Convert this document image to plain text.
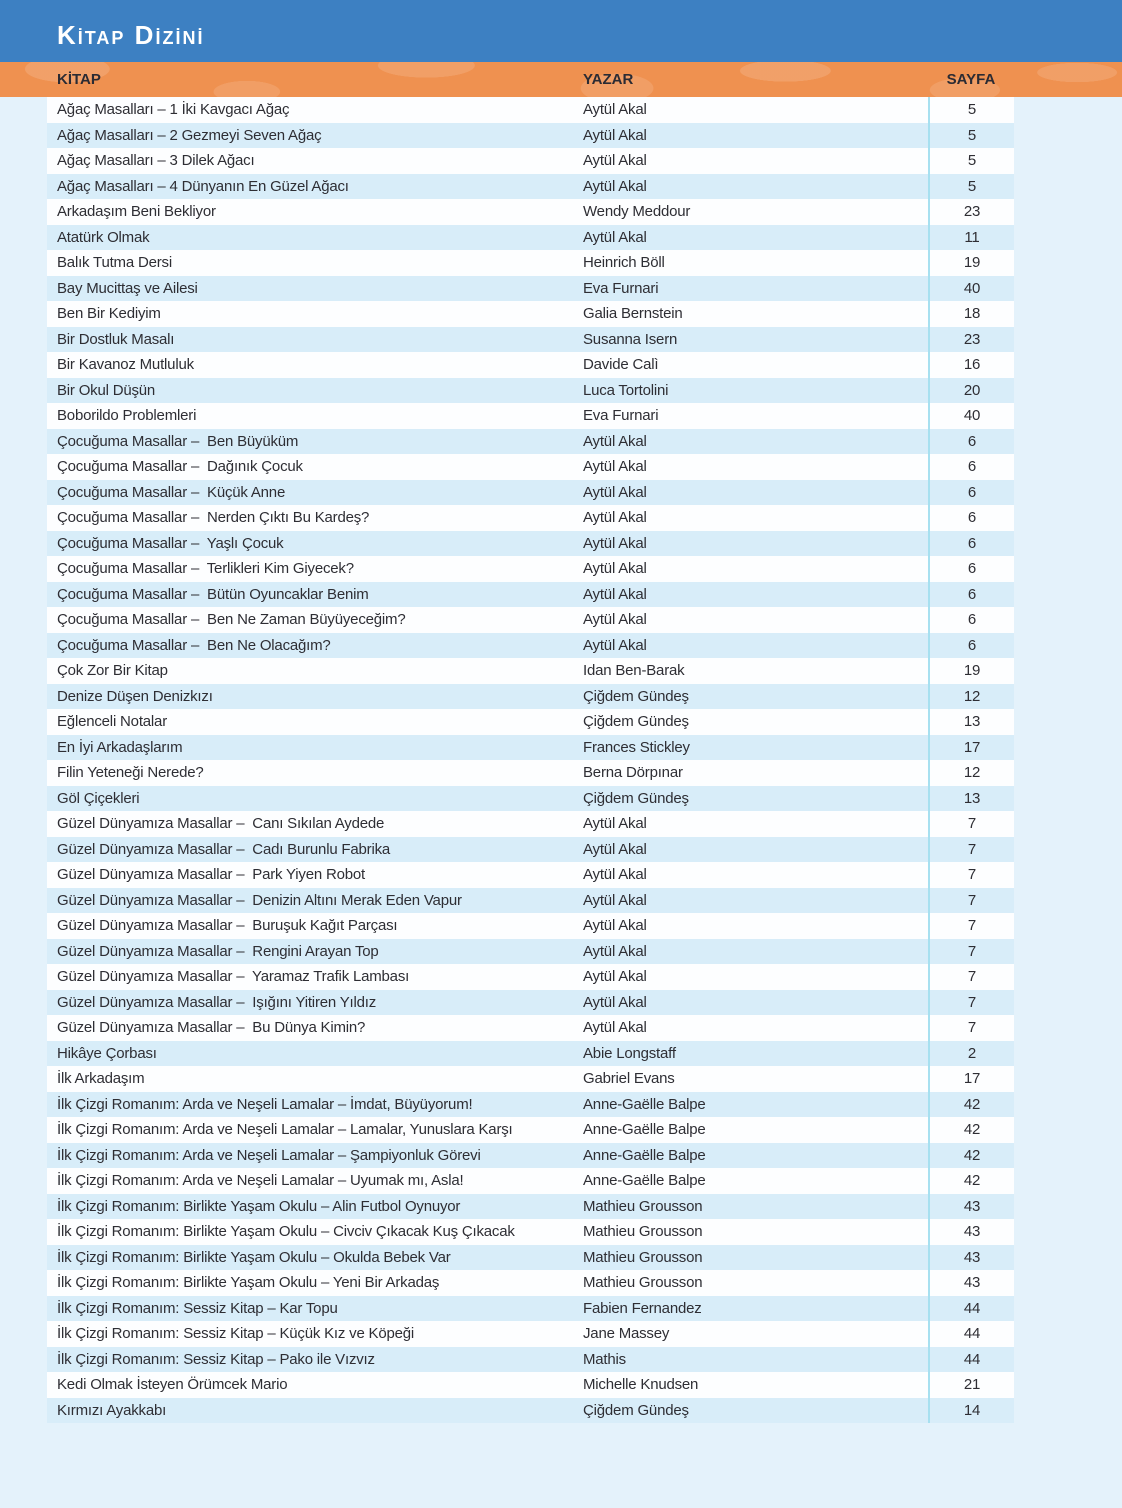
Kitap Dizini
KİTAP	YAZAR	SAYFA
Ağaç Masalları – 1 İki Kavgacı Ağaç	Aytül Akal	5
Ağaç Masalları – 2 Gezmeyi Seven Ağaç	Aytül Akal	5
Ağaç Masalları – 3 Dilek Ağacı	Aytül Akal	5
Ağaç Masalları – 4 Dünyanın En Güzel Ağacı	Aytül Akal	5
Arkadaşım Beni Bekliyor	Wendy Meddour	23
Atatürk Olmak	Aytül Akal	11
Balık Tutma Dersi	Heinrich Böll	19
Bay Mucittaş ve Ailesi	Eva Furnari	40
Ben Bir Kediyim	Galia Bernstein	18
Bir Dostluk Masalı	Susanna Isern	23
Bir Kavanoz Mutluluk	Davide Calì	16
Bir Okul Düşün	Luca Tortolini	20
Boborildo Problemleri	Eva Furnari	40
Çocuğuma Masallar –  Ben Büyüküm	Aytül Akal	6
Çocuğuma Masallar –  Dağınık Çocuk	Aytül Akal	6
Çocuğuma Masallar –  Küçük Anne	Aytül Akal	6
Çocuğuma Masallar –  Nerden Çıktı Bu Kardeş?	Aytül Akal	6
Çocuğuma Masallar –  Yaşlı Çocuk	Aytül Akal	6
Çocuğuma Masallar –  Terlikleri Kim Giyecek?	Aytül Akal	6
Çocuğuma Masallar –  Bütün Oyuncaklar Benim	Aytül Akal	6
Çocuğuma Masallar –  Ben Ne Zaman Büyüyeceğim?	Aytül Akal	6
Çocuğuma Masallar –  Ben Ne Olacağım?	Aytül Akal	6
Çok Zor Bir Kitap	Idan Ben-Barak	19
Denize Düşen Denizkızı	Çiğdem Gündeş	12
Eğlenceli Notalar	Çiğdem Gündeş	13
En İyi Arkadaşlarım	Frances Stickley	17
Filin Yeteneği Nerede?	Berna Dörpınar	12
Göl Çiçekleri	Çiğdem Gündeş	13
Güzel Dünyamıza Masallar –  Canı Sıkılan Aydede	Aytül Akal	7
Güzel Dünyamıza Masallar –  Cadı Burunlu Fabrika	Aytül Akal	7
Güzel Dünyamıza Masallar –  Park Yiyen Robot	Aytül Akal	7
Güzel Dünyamıza Masallar –  Denizin Altını Merak Eden Vapur	Aytül Akal	7
Güzel Dünyamıza Masallar –  Buruşuk Kağıt Parçası	Aytül Akal	7
Güzel Dünyamıza Masallar –  Rengini Arayan Top	Aytül Akal	7
Güzel Dünyamıza Masallar –  Yaramaz Trafik Lambası	Aytül Akal	7
Güzel Dünyamıza Masallar –  Işığını Yitiren Yıldız	Aytül Akal	7
Güzel Dünyamıza Masallar –  Bu Dünya Kimin?	Aytül Akal	7
Hikâye Çorbası	Abie Longstaff	2
İlk Arkadaşım	Gabriel Evans	17
İlk Çizgi Romanım: Arda ve Neşeli Lamalar – İmdat, Büyüyorum!	Anne-Gaëlle Balpe	42
İlk Çizgi Romanım: Arda ve Neşeli Lamalar – Lamalar, Yunuslara Karşı	Anne-Gaëlle Balpe	42
İlk Çizgi Romanım: Arda ve Neşeli Lamalar – Şampiyonluk Görevi	Anne-Gaëlle Balpe	42
İlk Çizgi Romanım: Arda ve Neşeli Lamalar – Uyumak mı, Asla!	Anne-Gaëlle Balpe	42
İlk Çizgi Romanım: Birlikte Yaşam Okulu – Alin Futbol Oynuyor	Mathieu Grousson	43
İlk Çizgi Romanım: Birlikte Yaşam Okulu – Civciv Çıkacak Kuş Çıkacak	Mathieu Grousson	43
İlk Çizgi Romanım: Birlikte Yaşam Okulu – Okulda Bebek Var	Mathieu Grousson	43
İlk Çizgi Romanım: Birlikte Yaşam Okulu – Yeni Bir Arkadaş	Mathieu Grousson	43
İlk Çizgi Romanım: Sessiz Kitap – Kar Topu	Fabien Fernandez	44
İlk Çizgi Romanım: Sessiz Kitap – Küçük Kız ve Köpeği	Jane Massey	44
İlk Çizgi Romanım: Sessiz Kitap – Pako ile Vızvız	Mathis	44
Kedi Olmak İsteyen Örümcek Mario	Michelle Knudsen	21
Kırmızı Ayakkabı	Çiğdem Gündeş	14
